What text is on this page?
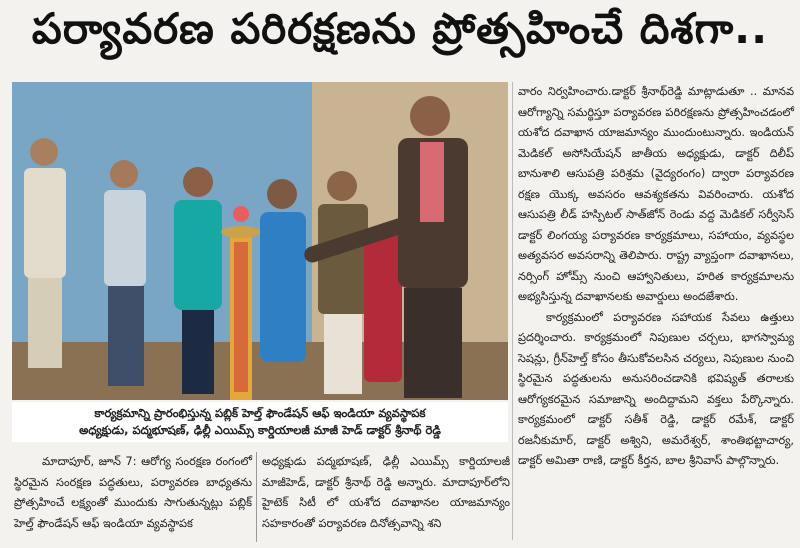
పర్యావరణ పరిరక్షణను ప్రోత్సహించే దిశగా..
కార్యక్రమాన్ని ప్రారంభిస్తున్న పబ్లిక్ హెల్త్ ఫౌండేషన్ ఆఫ్ ఇండియా వ్యవస్థాపక
అధ్యక్షుడు, పద్మభూషణ్, ఢిల్లీ ఎయిమ్స్ కార్డియాలజీ మాజీ హెడ్ డాక్టర్ శ్రీనాథ్ రెడ్డి

వారం నిర్వహించారు.డాక్టర్ శ్రీనాథ్‌రెడ్డి మాట్లాడుతూ .. మానవ ఆరోగ్యాన్ని సమర్థిస్తూ పర్యావరణ పరిరక్షణను ప్రోత్సహించడంలో యశోద దవాఖాన యాజమాన్యం ముందుంటున్నారు. ఇండియన్ మెడికల్ అసోసియేషన్ జాతీయ అధ్యక్షుడు, డాక్టర్ దిలీప్ బానుశాలి ఆసుపత్రి పరిశ్రమ (వైద్యరంగం) ద్వారా పర్యావరణ రక్షణ యొక్క అవసరం ఆవశ్యకతను వివరించారు. యశోద ఆసుపత్రి లీడ్ హస్పిటల్ సాత్‌జోన్ రెండు వద్ద మెడికల్ సర్వీసెస్ డాక్టర్ లింగయ్య పర్యావరణ కార్యక్రమాలు, సహాయం, వ్యవస్థల అత్యవసర అవసరాన్ని తెలిపారు. రాష్ట్ర వ్యాప్తంగా దవాఖానలు, నర్సింగ్ హోమ్స్ నుంచి ఆహ్వానితులు, హరిత కార్యక్రమాలను అభ్యసిస్తున్న దవాఖానలకు అవార్డులు అందజేశారు.

కార్యక్రమంలో పర్యావరణ సహాయక సేవలు ఉత్తులు ప్రదర్శించారు. కార్యక్రమంలో నిపుణుల చర్చలు, భాగస్వామ్య సెషన్లు, గ్రీన్‌హెల్త్ కోసం తీసుకోవలసిన చర్యలు, నిపుణుల నుంచి స్థిరమైన పద్ధతులను అనుసరించడానికి భవిష్యత్ తరాలకు ఆరోగ్యకరమైన సమాజాన్ని అందిద్దామని వక్తలు పేర్కొన్నారు. కార్యక్రమంలో డాక్టర్ సతీశ్ రెడ్డి, డాక్టర్ రమేశ్, డాక్టర్ రజనీకుమార్, డాక్టర్ అశ్విని, అమరేశ్వర్, శాంతిభట్టాచార్య, డాక్టర్ అమితా రాణి, డాక్టర్ కీర్తన, బాల శ్రీనివాస్ పాల్గొన్నారు.

మాదాపూర్, జూన్ 7: ఆరోగ్య సంరక్షణ రంగంలో స్థిరమైన సంరక్షణ పద్ధతులు, పర్యావరణ బాధ్యతను ప్రోత్సహించే లక్ష్యంతో ముందుకు సాగుతున్నట్లు పబ్లిక్ హెల్త్ ఫౌండేషన్ ఆఫ్ ఇండియా వ్యవస్థాపక

అధ్యక్షుడు పద్మభూషణ్, ఢిల్లీ ఎయిమ్స్ కార్డియాలజీ మాజీహెడ్, డాక్టర్ శ్రీనాథ్ రెడ్డి అన్నారు. మాదాపూర్‌లోని హైటెక్ సిటీ లో యశోద దవాఖానల యాజమాన్యం సహకారంతో పర్యావరణ దినోత్సవాన్ని శని
